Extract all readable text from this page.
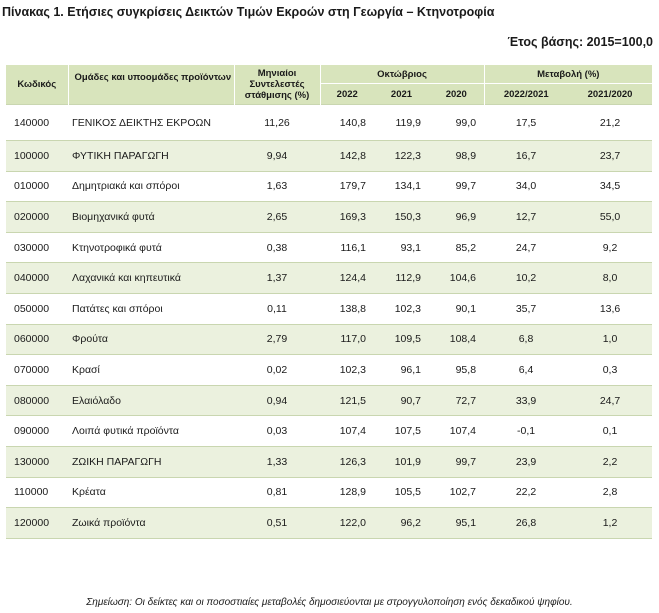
Πίνακας 1. Ετήσιες συγκρίσεις Δεικτών Τιμών Εκροών στη Γεωργία – Κτηνοτροφία
Έτος βάσης: 2015=100,0
Κωδικός	Ομάδες και υποομάδες προϊόντων	Μηνιαίοι Συντελεστές στάθμισης (%)	Οκτώβριος			Μεταβολή (%)	
			2022	2021	2020	2022/2021	2021/2020
140000	ΓΕΝΙΚΟΣ ΔΕΙΚΤΗΣ ΕΚΡΟΩΝ	11,26	140,8	119,9	99,0	17,5	21,2
100000	ΦΥΤΙΚΗ ΠΑΡΑΓΩΓΗ	9,94	142,8	122,3	98,9	16,7	23,7
010000	Δημητριακά και σπόροι	1,63	179,7	134,1	99,7	34,0	34,5
020000	Βιομηχανικά φυτά	2,65	169,3	150,3	96,9	12,7	55,0
030000	Κτηνοτροφικά φυτά	0,38	116,1	93,1	85,2	24,7	9,2
040000	Λαχανικά και κηπευτικά	1,37	124,4	112,9	104,6	10,2	8,0
050000	Πατάτες και σπόροι	0,11	138,8	102,3	90,1	35,7	13,6
060000	Φρούτα	2,79	117,0	109,5	108,4	6,8	1,0
070000	Κρασί	0,02	102,3	96,1	95,8	6,4	0,3
080000	Ελαιόλαδο	0,94	121,5	90,7	72,7	33,9	24,7
090000	Λοιπά φυτικά προϊόντα	0,03	107,4	107,5	107,4	-0,1	0,1
130000	ΖΩΙΚΗ ΠΑΡΑΓΩΓΗ	1,33	126,3	101,9	99,7	23,9	2,2
110000	Κρέατα	0,81	128,9	105,5	102,7	22,2	2,8
120000	Ζωικά προϊόντα	0,51	122,0	96,2	95,1	26,8	1,2
Σημείωση: Οι δείκτες και οι ποσοστιαίες μεταβολές δημοσιεύονται με στρογγυλοποίηση ενός δεκαδικού ψηφίου.
